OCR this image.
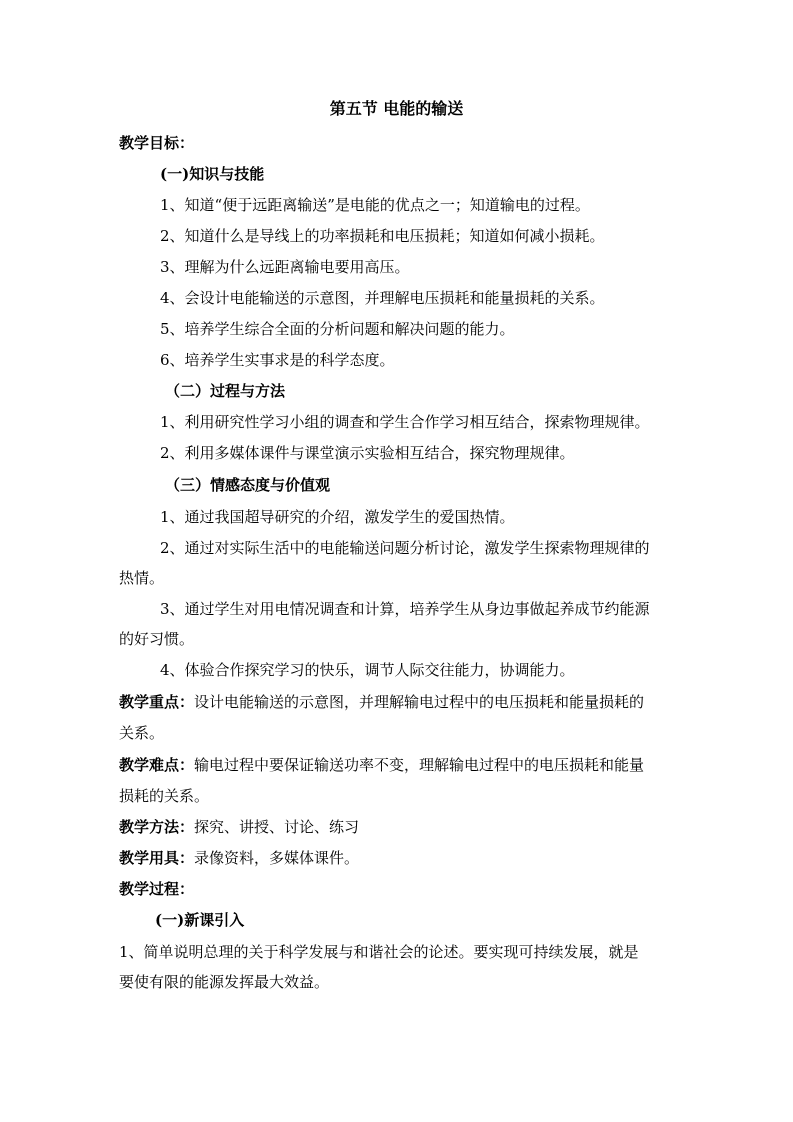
第五节 电能的输送
教学目标：
(一)知识与技能
1、知道“便于远距离输送”是电能的优点之一；知道输电的过程。
2、知道什么是导线上的功率损耗和电压损耗；知道如何减小损耗。
3、理解为什么远距离输电要用高压。
4、会设计电能输送的示意图，并理解电压损耗和能量损耗的关系。
5、培养学生综合全面的分析问题和解决问题的能力。
6、培养学生实事求是的科学态度。
（二）过程与方法
1、利用研究性学习小组的调查和学生合作学习相互结合，探索物理规律。
2、利用多媒体课件与课堂演示实验相互结合，探究物理规律。
（三）情感态度与价值观
1、通过我国超导研究的介绍，激发学生的爱国热情。
2、通过对实际生活中的电能输送问题分析讨论，激发学生探索物理规律的
热情。
3、通过学生对用电情况调查和计算，培养学生从身边事做起养成节约能源
的好习惯。
4、体验合作探究学习的快乐，调节人际交往能力，协调能力。
教学重点：设计电能输送的示意图，并理解输电过程中的电压损耗和能量损耗的
关系。
教学难点：输电过程中要保证输送功率不变，理解输电过程中的电压损耗和能量
损耗的关系。
教学方法：探究、讲授、讨论、练习
教学用具：录像资料，多媒体课件。
教学过程：
(一)新课引入
1、简单说明总理的关于科学发展与和谐社会的论述。要实现可持续发展，就是
要使有限的能源发挥最大效益。
